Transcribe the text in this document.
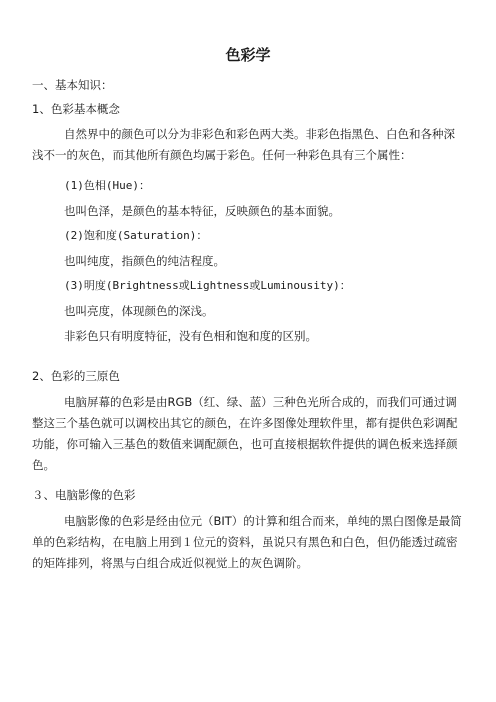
色彩学
一、基本知识：
1、色彩基本概念
自然界中的颜色可以分为非彩色和彩色两大类。非彩色指黑色、白色和各种深浅不一的灰色，而其他所有颜色均属于彩色。任何一种彩色具有三个属性：
(1)色相(Hue)：
也叫色泽，是颜色的基本特征，反映颜色的基本面貌。
(2)饱和度(Saturation)：
也叫纯度，指颜色的纯洁程度。
(3)明度(Brightness或Lightness或Luminousity)：
也叫亮度，体现颜色的深浅。
非彩色只有明度特征，没有色相和饱和度的区别。
2、色彩的三原色
电脑屏幕的色彩是由RGB（红、绿、蓝）三种色光所合成的，而我们可通过调整这三个基色就可以调校出其它的颜色，在许多图像处理软件里，都有提供色彩调配功能，你可输入三基色的数值来调配颜色，也可直接根据软件提供的调色板来选择颜色。
３、电脑影像的色彩
电脑影像的色彩是经由位元（BIT）的计算和组合而来，单纯的黑白图像是最简单的色彩结构，在电脑上用到１位元的资料，虽说只有黑色和白色，但仍能透过疏密的矩阵排列，将黑与白组合成近似视觉上的灰色调阶。
